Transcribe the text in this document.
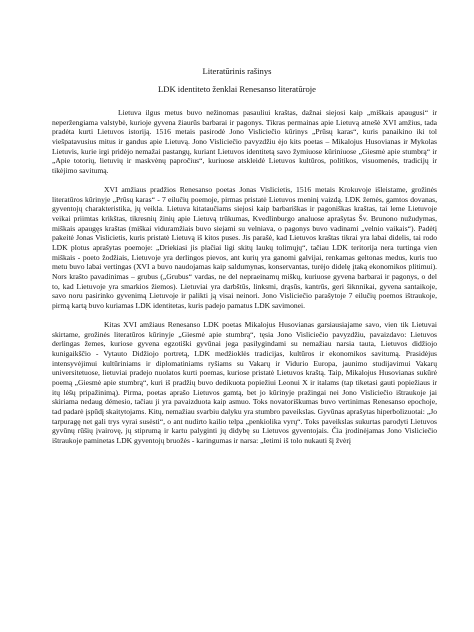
Literatūrinis rašinys
LDK identiteto ženklai Renesanso literatūroje

Lietuva ilgus metus buvo nežinomas pasauliui kraštas, dažnai siejosi kaip „miškais apaugusi“ ir neperžengiama valstybė, kurioje gyvena žiaurūs barbarai ir pagonys. Tikras permainas apie Lietuvą atnešė XVI amžius, tada pradėta kurti Lietuvos istoriją. 1516 metais pasirodė Jono Visliciečio kūrinys „Prūsų karas“, kuris panaikino iki tol viešpatavusius mitus ir gandus apie Lietuvą. Jono Visliciečio pavyzdžiu ėjo kits poetas – Mikalojus Husovianas ir Mykolas Lietuvis, kurie irgi pridėjo nemažai pastangų, kuriant Lietuvos identitetą savo žymiuose kūriniuose „Giesmė apie stumbrą“ ir „Apie totorių, lietuvių ir maskvėnų papročius“, kuriuose atskleidė Lietuvos kultūros, politikos, visuomenės, tradicijų ir tikėjimo savitumą.

XVI amžiaus pradžios Renesanso poetas Jonas Vislicietis, 1516 metais Krokuvoje išleistame, grožinės literatūros kūrinyje „Prūsų karas“ - 7 eilučių poemoje, pirmas pristatė Lietuvos meninį vaizdą. LDK žemės, gamtos dovanas, gyventojų charakteristika, jų veikla. Lietuva kitataučiams siejosi kaip barbariškas ir pagoniškas kraštas, tai leme Lietuvoje veikai priimtas krikštas, tikresnių žinių apie Lietuvą trūkumas, Kvedlinburgo analuose aprašytas Šv. Brunono nužudymas, miškais apaugęs kraštas (miškai viduramžiais buvo siejami su velniava, o pagonys buvo vadinami „velnio vaikais“). Padėtį pakeitė Jonas Vislicietis, kuris pristatė Lietuvą iš kitos puses. Jis parašė, kad Lietuvos kraštas tikrai yra labai didelis, tai rodo LDK plotus aprašytas poemoje: „Driekiasi jis plačiai ligi skitų laukų tolimųjų“, tačiau LDK teritorija nera turtinga vien miškais - poeto žodžiais, Lietuvoje yra derlingos pievos, ant kurių yra ganomi galvijai, renkamas geltonas medus, kuris tuo metu buvo labai vertingas (XVI a buvo naudojamas kaip saldumynas, konservantas, turėjo didelę įtaką ekonomikos plitimui). Nors krašto pavadinimas – grubus („Grubus“ vardas, ne del nepraeinamų miškų, kuriuose gyvena barbarai ir pagonys, o del to, kad Lietuvoje yra smarkios žiemos). Lietuviai yra darbštūs, linksmi, drąsūs, kantrūs, geri šiknnikai, gyvena santaikoje, savo noru pasirinko gyvenimą Lietuvoje ir palikti ją visai neinori. Jono Visliciečio parašytoje 7 eilučių poemos ištraukoje, pirmą kartą buvo kuriamas LDK identitetas, kuris padejo pamatus LDK savimonei.

Kitas XVI amžiaus Renesanso LDK poetas Mikalojus Husovianas garsiausiajame savo, vien tik Lietuvai skirtame, grožinės literatūros kūrinyje „Giesmė apie stumbrą“, tęsia Jono Visliciečio pavyzdžiu, pavaizdavo: Lietuvos derlingas žemes, kuriose gyvena egzotiški gyvūnai jega pasilygindami su nemažiau narsia tauta, Lietuvos didžiojo kunigaikščio - Vytauto Didžiojo portretą, LDK medžioklės tradicijas, kultūros ir ekonomikos savitumą. Prasidėjus intensyvėjimui kultūriniams ir diplomatiniams ryšiams su Vakarų ir Vidurio Europa, jaunimo studijavimui Vakarų universitetuose, lietuviai pradejo nuolatos kurti poemas, kuriose pristatė Lietuvos kraštą. Taip, Mikalojus Husovianas sukūrė poemą „Giesmė apie stumbrą“, kuri iš pradžių buvo dedikuota popiežiui Leonui X ir italams (tap tiketasi gauti popiežiaus ir itų lėšų pripažinimą). Pirma, poetas aprašo Lietuvos gamtą, bet jo kūrinyje pražingai nei Jono Visliciečio ištraukoje jai skiriama nedaug démesio, tačiau ji yra pavaizduota kaip asmuo. Toks novatoriškumas buvo vertinimas Renesanso epochoje, tad padarė įspūdį skaitytojams. Kitų, nemažiau svarbiu dalyku yra stumbro paveikslas. Gyvūnas aprašytas hiperbolizuotai: „Jo tarpuragę net gali trys vyrai susėsti“, o ant nudirto kailio telpa „penkiolika vyrų“. Toks paveikslas sukurtas parodyti Lietuvos gyvūnų rūšių įvairovę, jų stiprumą ir kartu palyginti jų didybę su Lietuvos gyventojais. Čia įrodinėjamas Jono Visliciečio ištraukoje paminetas LDK gyventojų bruožės - karingumas ir narsa: „Ietimi iš tolo nukauti šį žvėrį
